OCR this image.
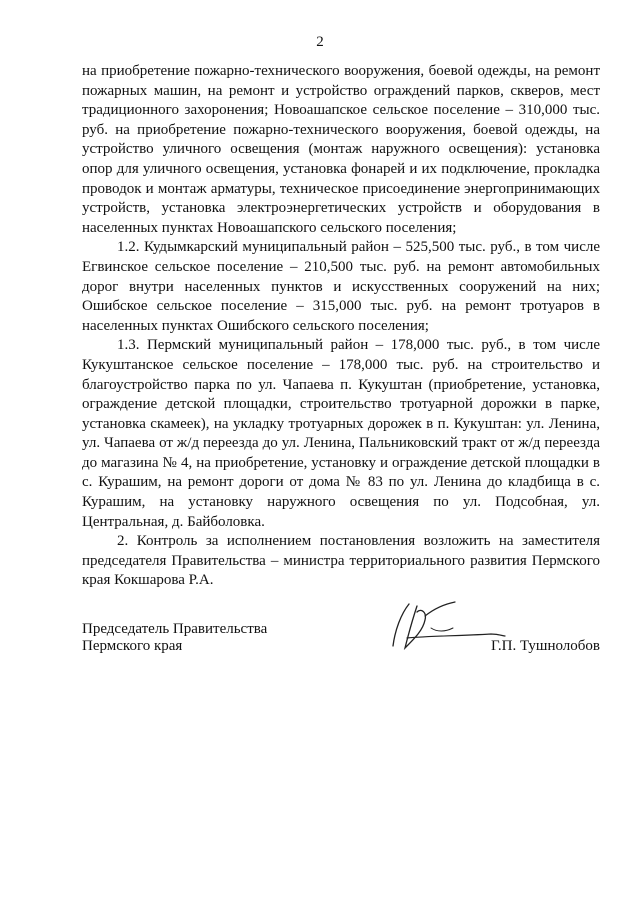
2

на приобретение пожарно-технического вооружения, боевой одежды, на ремонт пожарных машин, на ремонт и устройство ограждений парков, скверов, мест традиционного захоронения; Новоашапское сельское поселение – 310,000 тыс. руб. на приобретение пожарно-технического вооружения, боевой одежды, на устройство уличного освещения (монтаж наружного освещения): установка опор для уличного освещения, установка фонарей и их подключение, прокладка проводок и монтаж арматуры, техническое присоединение энергопринимающих устройств, установка электроэнергетических устройств и оборудования в населенных пунктах Новоашапского сельского поселения;

1.2. Кудымкарский муниципальный район – 525,500 тыс. руб., в том числе Егвинское сельское поселение – 210,500 тыс. руб. на ремонт автомобильных дорог внутри населенных пунктов и искусственных сооружений на них; Ошибское сельское поселение – 315,000 тыс. руб. на ремонт тротуаров в населенных пунктах Ошибского сельского поселения;

1.3. Пермский муниципальный район – 178,000 тыс. руб., в том числе Кукуштанское сельское поселение – 178,000 тыс. руб. на строительство и благоустройство парка по ул. Чапаева п. Кукуштан (приобретение, установка, ограждение детской площадки, строительство тротуарной дорожки в парке, установка скамеек), на укладку тротуарных дорожек в п. Кукуштан: ул. Ленина, ул. Чапаева от ж/д переезда до ул. Ленина, Пальниковский тракт от ж/д переезда до магазина № 4, на приобретение, установку и ограждение детской площадки в с. Курашим, на ремонт дороги от дома № 83 по ул. Ленина до кладбища в с. Курашим, на установку наружного освещения по ул. Подсобная, ул. Центральная, д. Байболовка.

2. Контроль за исполнением постановления возложить на заместителя председателя Правительства – министра территориального развития Пермского края Кокшарова Р.А.

Председатель Правительства
Пермского края	Г.П. Тушнолобов
